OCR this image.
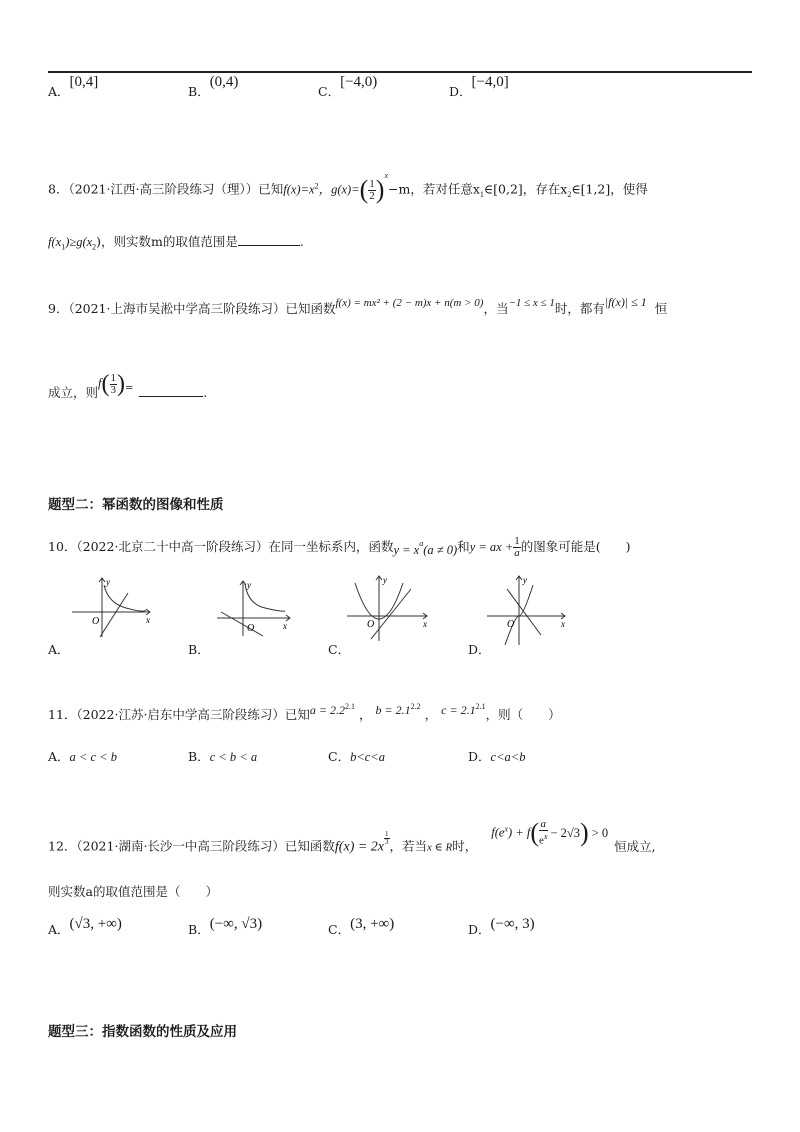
A．[0,4]
B．(0,4)
C．[−4,0)
D．[−4,0]
8．（2021·江西·高三阶段练习（理））已知$f(x)=x^2$，$g(x)=( \frac{1}{2} )^x-m$，若对任意$x_1\in[0,2]$，存在$x_2\in[1,2]$，使得
$f(x_1)\ge g(x_2)$，则实数m的取值范围是	.
9．（2021·上海市吴淞中学高三阶段练习）已知函数f(x) = mx² + (2 − m)x + n(m > 0)，当−1 ≤ x ≤ 1时，都有|f(x)| ≤ 1 恒
成立，则$f( \frac{1}{3} )^=$	.
题型二：幂函数的图像和性质
10．（2022·北京二十中高一阶段练习）在同一坐标系内，函数$y = x^a(a \ne 0)$和y = ax + $\frac{1}{a}$ 的图象可能是(　　)
A．
y
x
O
B．
y
x
O
C．
y
x
O
D．
y
x
O
11．（2022·江苏·启东中学高三阶段练习）已知$a = 2.2^{2.1}$， $b = 2.1^{2.2}$， $c = 2.1^{2.1}$，则（　　）
A．a < c < b	B．c < b < a	C．b<c<a	D．c<a<b
12．（2021·湖南·长沙一中高三阶段练习）已知函数f(x) = 2x
$\frac{1}{3}$
，若当x ∈ R时，$f(e^x) + f( \frac{a}{e^x} - 2√3) > 0$恒成立,
则实数a的取值范围是（　　）
A．(√3, +∞)	B．(−∞, √3)	C．(3, +∞)	D．(−∞, 3)
题型三：指数函数的性质及应用
